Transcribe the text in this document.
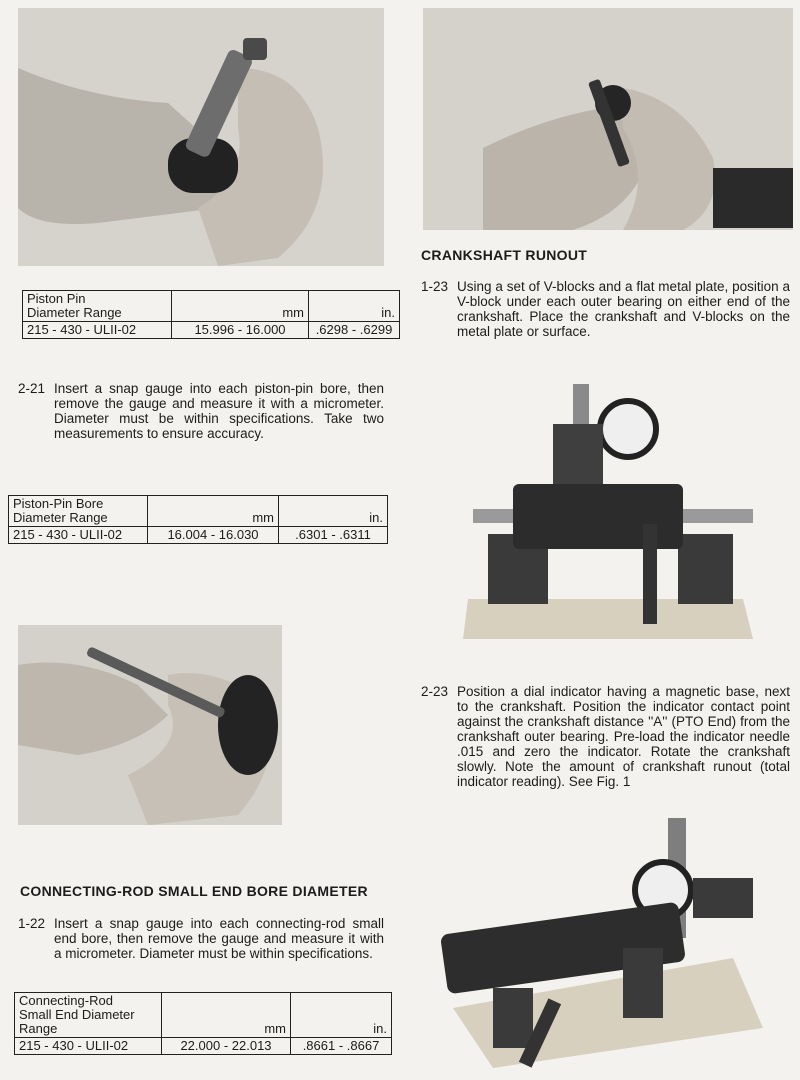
Piston Pin
Diameter Range	mm	in.
215 - 430 - ULII-02	15.996 - 16.000	.6298 - .6299
2-21 Insert a snap gauge into each piston-pin bore, then remove the gauge and measure it with a micrometer. Diameter must be within specifications. Take two measurements to ensure accuracy.
Piston-Pin Bore
Diameter Range	mm	in.
215 - 430 - ULII-02	16.004 - 16.030	.6301 - .6311
CONNECTING-ROD SMALL END BORE DIAMETER
1-22 Insert a snap gauge into each connecting-rod small end bore, then remove the gauge and measure it with a micrometer. Diameter must be within specifications.
Connecting-Rod
Small End Diameter
Range	mm	in.
215 - 430 - ULII-02	22.000 - 22.013	.8661 - .8667
CRANKSHAFT RUNOUT
1-23 Using a set of V-blocks and a flat metal plate, position a V-block under each outer bearing on either end of the crankshaft. Place the crankshaft and V-blocks on the metal plate or surface.
2-23 Position a dial indicator having a magnetic base, next to the crankshaft. Position the indicator contact point against the crankshaft distance ''A'' (PTO End) from the crankshaft outer bearing. Pre-load the indicator needle .015 and zero the indicator. Rotate the crankshaft slowly. Note the amount of crankshaft runout (total indicator reading). See Fig. 1
